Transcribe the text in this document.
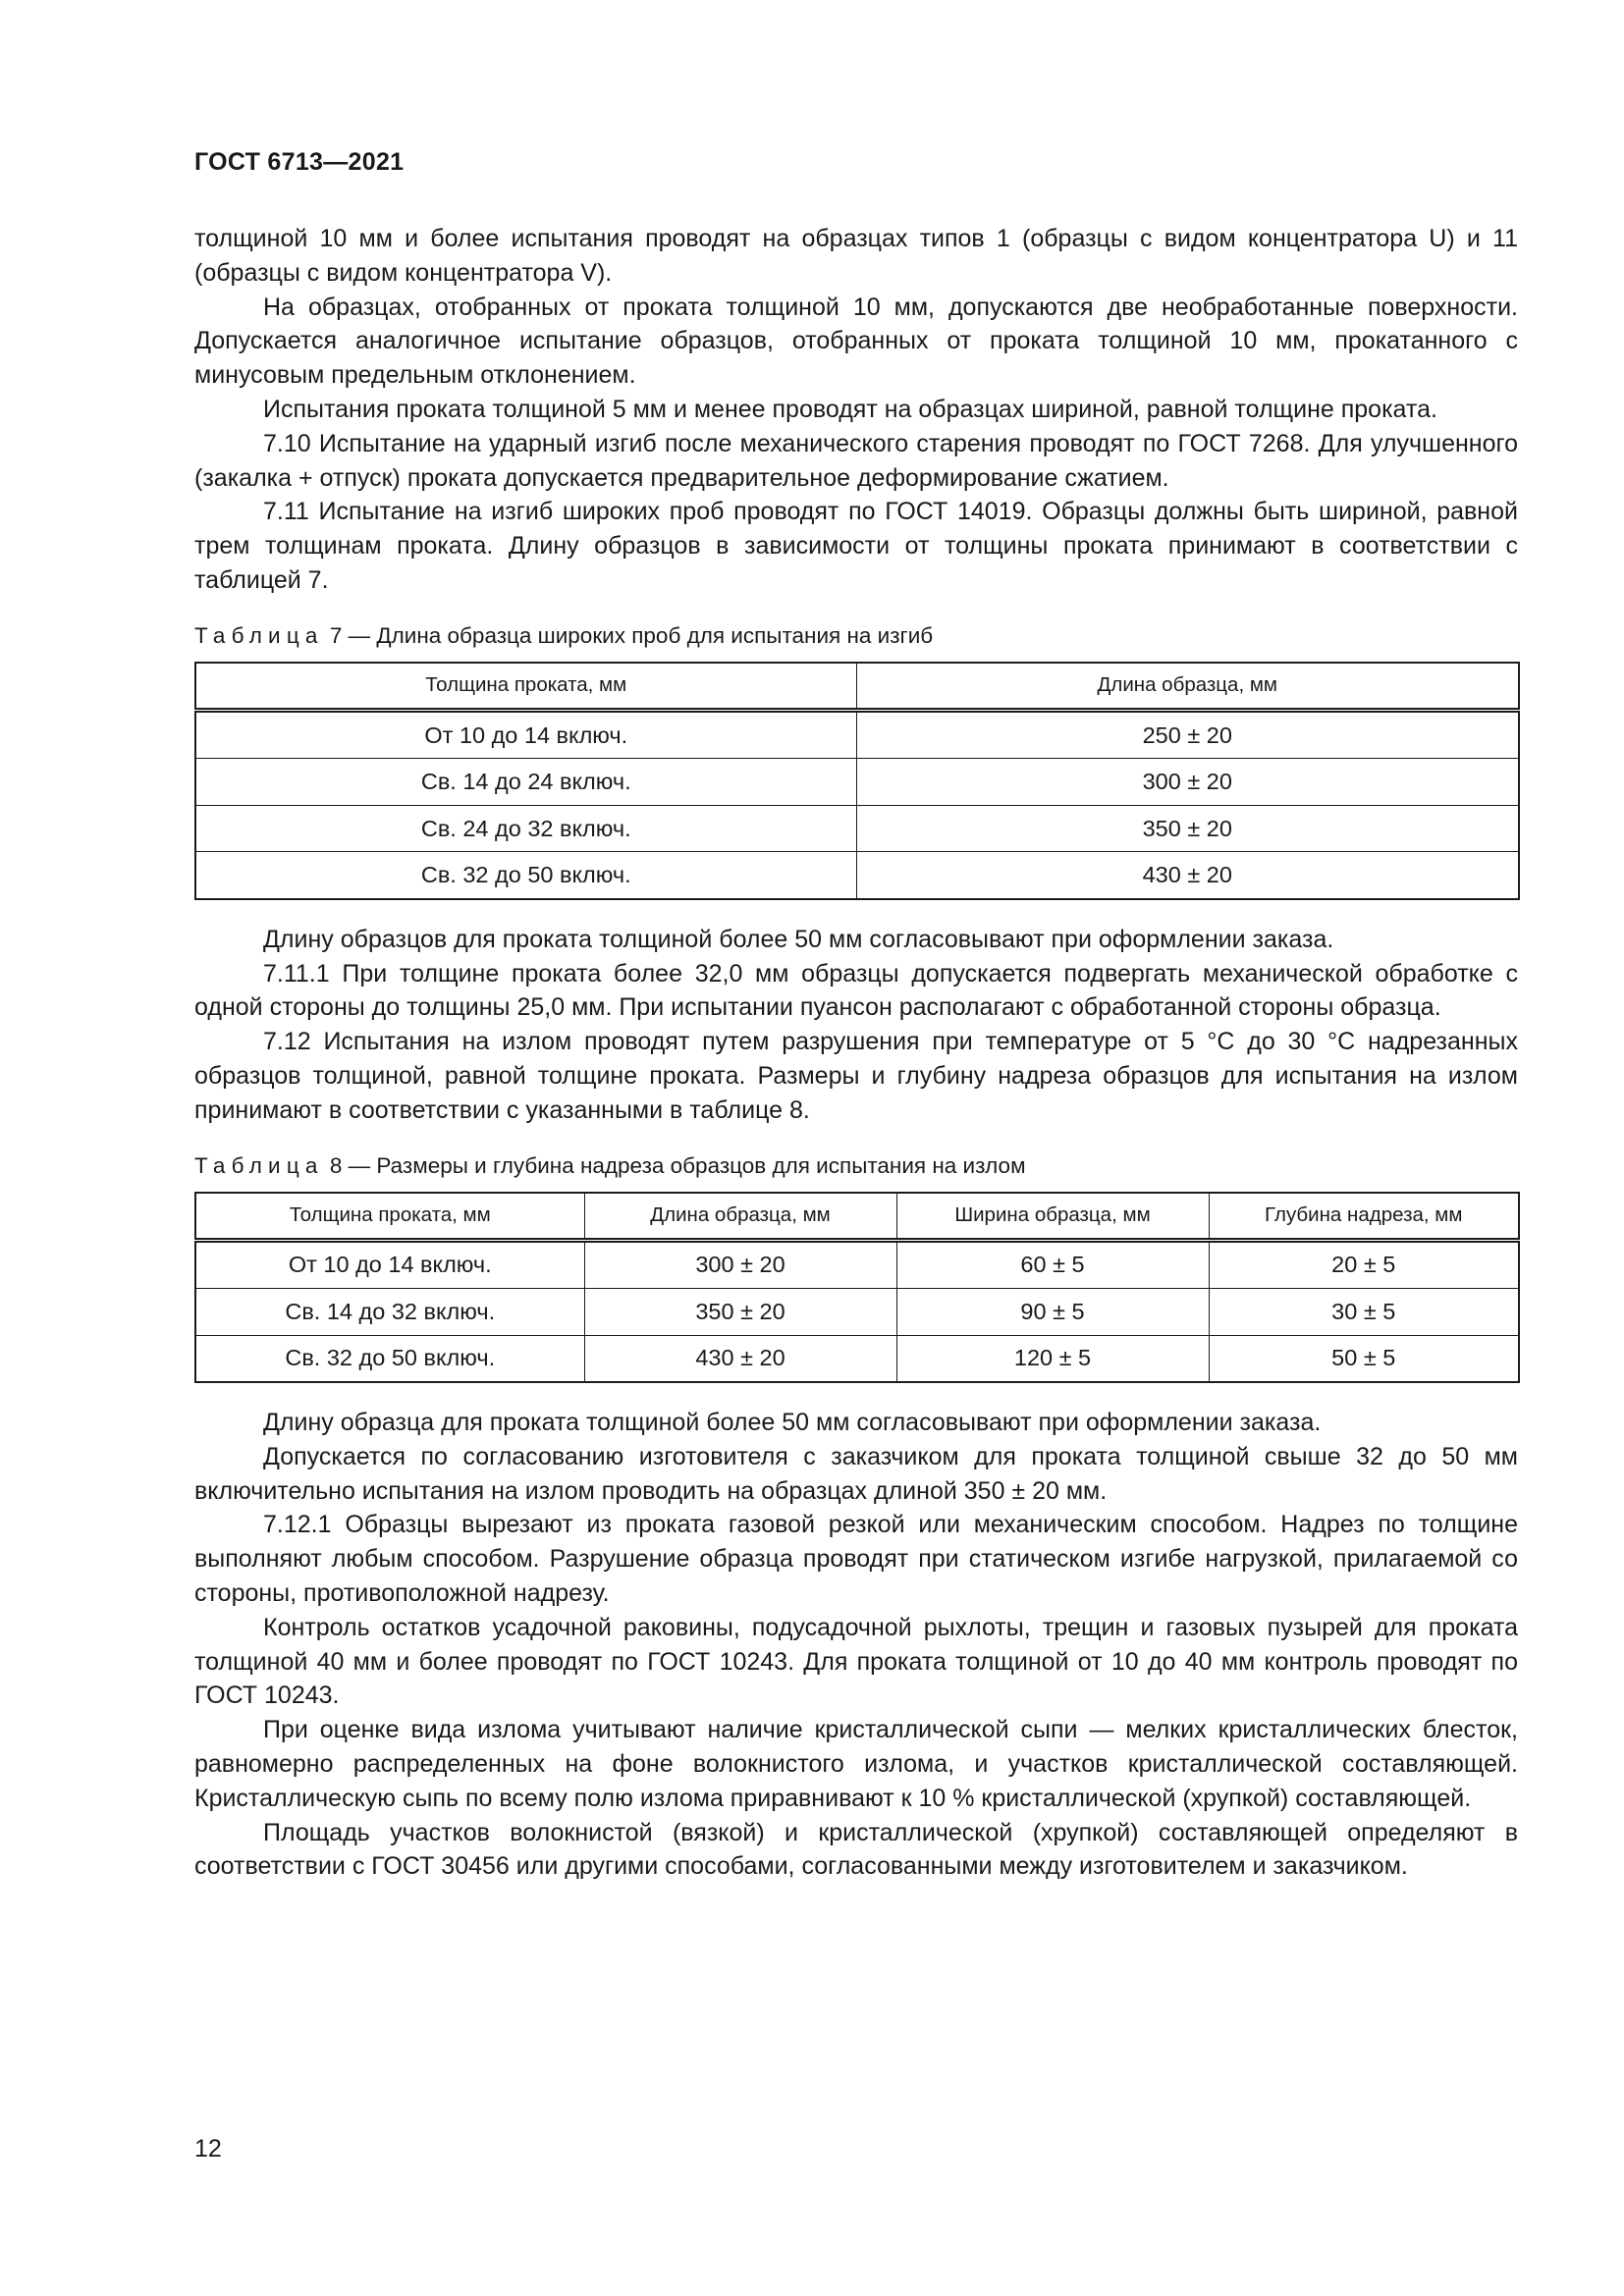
ГОСТ 6713—2021

толщиной 10 мм и более испытания проводят на образцах типов 1 (образцы с видом концентратора U) и 11 (образцы с видом концентратора V).

На образцах, отобранных от проката толщиной 10 мм, допускаются две необработанные поверхности. Допускается аналогичное испытание образцов, отобранных от проката толщиной 10 мм, прокатанного с минусовым предельным отклонением.

Испытания проката толщиной 5 мм и менее проводят на образцах шириной, равной толщине проката.

7.10 Испытание на ударный изгиб после механического старения проводят по ГОСТ 7268. Для улучшенного (закалка + отпуск) проката допускается предварительное деформирование сжатием.

7.11 Испытание на изгиб широких проб проводят по ГОСТ 14019. Образцы должны быть шириной, равной трем толщинам проката. Длину образцов в зависимости от толщины проката принимают в соответствии с таблицей 7.

Таблица 7 — Длина образца широких проб для испытания на изгиб
Толщина проката, мм	Длина образца, мм
От 10 до 14 включ.	250 ± 20
Св. 14 до 24 включ.	300 ± 20
Св. 24 до 32 включ.	350 ± 20
Св. 32 до 50 включ.	430 ± 20

Длину образцов для проката толщиной более 50 мм согласовывают при оформлении заказа.

7.11.1 При толщине проката более 32,0 мм образцы допускается подвергать механической обработке с одной стороны до толщины 25,0 мм. При испытании пуансон располагают с обработанной стороны образца.

7.12 Испытания на излом проводят путем разрушения при температуре от 5 °С до 30 °С надрезанных образцов толщиной, равной толщине проката. Размеры и глубину надреза образцов для испытания на излом принимают в соответствии с указанными в таблице 8.

Таблица 8 — Размеры и глубина надреза образцов для испытания на излом
Толщина проката, мм	Длина образца, мм	Ширина образца, мм	Глубина надреза, мм
От 10 до 14 включ.	300 ± 20	60 ± 5	20 ± 5
Св. 14 до 32 включ.	350 ± 20	90 ± 5	30 ± 5
Св. 32 до 50 включ.	430 ± 20	120 ± 5	50 ± 5

Длину образца для проката толщиной более 50 мм согласовывают при оформлении заказа.

Допускается по согласованию изготовителя с заказчиком для проката толщиной свыше 32 до 50 мм включительно испытания на излом проводить на образцах длиной 350 ± 20 мм.

7.12.1 Образцы вырезают из проката газовой резкой или механическим способом. Надрез по толщине выполняют любым способом. Разрушение образца проводят при статическом изгибе нагрузкой, прилагаемой со стороны, противоположной надрезу.

Контроль остатков усадочной раковины, подусадочной рыхлоты, трещин и газовых пузырей для проката толщиной 40 мм и более проводят по ГОСТ 10243. Для проката толщиной от 10 до 40 мм контроль проводят по ГОСТ 10243.

При оценке вида излома учитывают наличие кристаллической сыпи — мелких кристаллических блесток, равномерно распределенных на фоне волокнистого излома, и участков кристаллической составляющей. Кристаллическую сыпь по всему полю излома приравнивают к 10 % кристаллической (хрупкой) составляющей.

Площадь участков волокнистой (вязкой) и кристаллической (хрупкой) составляющей определяют в соответствии с ГОСТ 30456 или другими способами, согласованными между изготовителем и заказчиком.

12
